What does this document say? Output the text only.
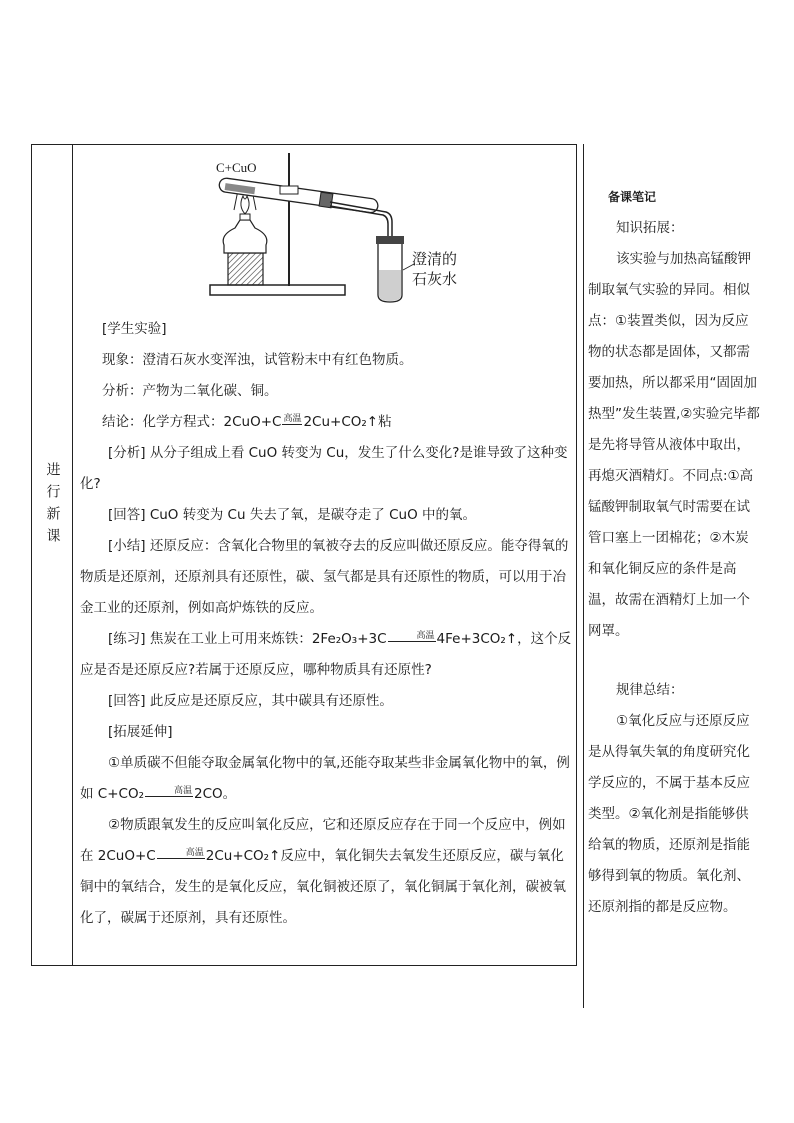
进
行
新
课
C+CuO
澄清的
石灰水

[学生实验]

现象：澄清石灰水变浑浊，试管粉末中有红色物质。

分析：产物为二氧化碳、铜。

结论：化学方程式：2CuO+C 高温 2Cu+CO₂↑粘

[分析] 从分子组成上看 CuO 转变为 Cu，发生了什么变化?是谁导致了这种变化?

[回答] CuO 转变为 Cu 失去了氧，是碳夺走了 CuO 中的氧。

[小结] 还原反应：含氧化合物里的氧被夺去的反应叫做还原反应。能夺得氧的物质是还原剂，还原剂具有还原性，碳、氢气都是具有还原性的物质，可以用于冶金工业的还原剂，例如高炉炼铁的反应。

[练习] 焦炭在工业上可用来炼铁：2Fe₂O₃+3C	高温 4Fe+3CO₂↑，这个反应是否是还原反应?若属于还原反应，哪种物质具有还原性?

[回答] 此反应是还原反应，其中碳具有还原性。

[拓展延伸]

①单质碳不但能夺取金属氧化物中的氧,还能夺取某些非金属氧化物中的氧，例如 C+CO₂	高温 2CO。

②物质跟氧发生的反应叫氧化反应，它和还原反应存在于同一个反应中，例如在 2CuO+C	高温 2Cu+CO₂↑反应中，氧化铜失去氧发生还原反应，碳与氧化铜中的氧结合，发生的是氧化反应，氧化铜被还原了，氧化铜属于氧化剂，碳被氧化了，碳属于还原剂，具有还原性。

备课笔记

知识拓展：

该实验与加热高锰酸钾制取氧气实验的异同。相似点：①装置类似，因为反应物的状态都是固体，又都需要加热，所以都采用“固固加热型”发生装置,②实验完毕都是先将导管从液体中取出，再熄灭酒精灯。不同点:①高锰酸钾制取氧气时需要在试管口塞上一团棉花；②木炭和氧化铜反应的条件是高温，故需在酒精灯上加一个网罩。

规律总结：

①氧化反应与还原反应是从得氧失氧的角度研究化学反应的，不属于基本反应类型。②氧化剂是指能够供给氧的物质，还原剂是指能够得到氧的物质。氧化剂、还原剂指的都是反应物。
